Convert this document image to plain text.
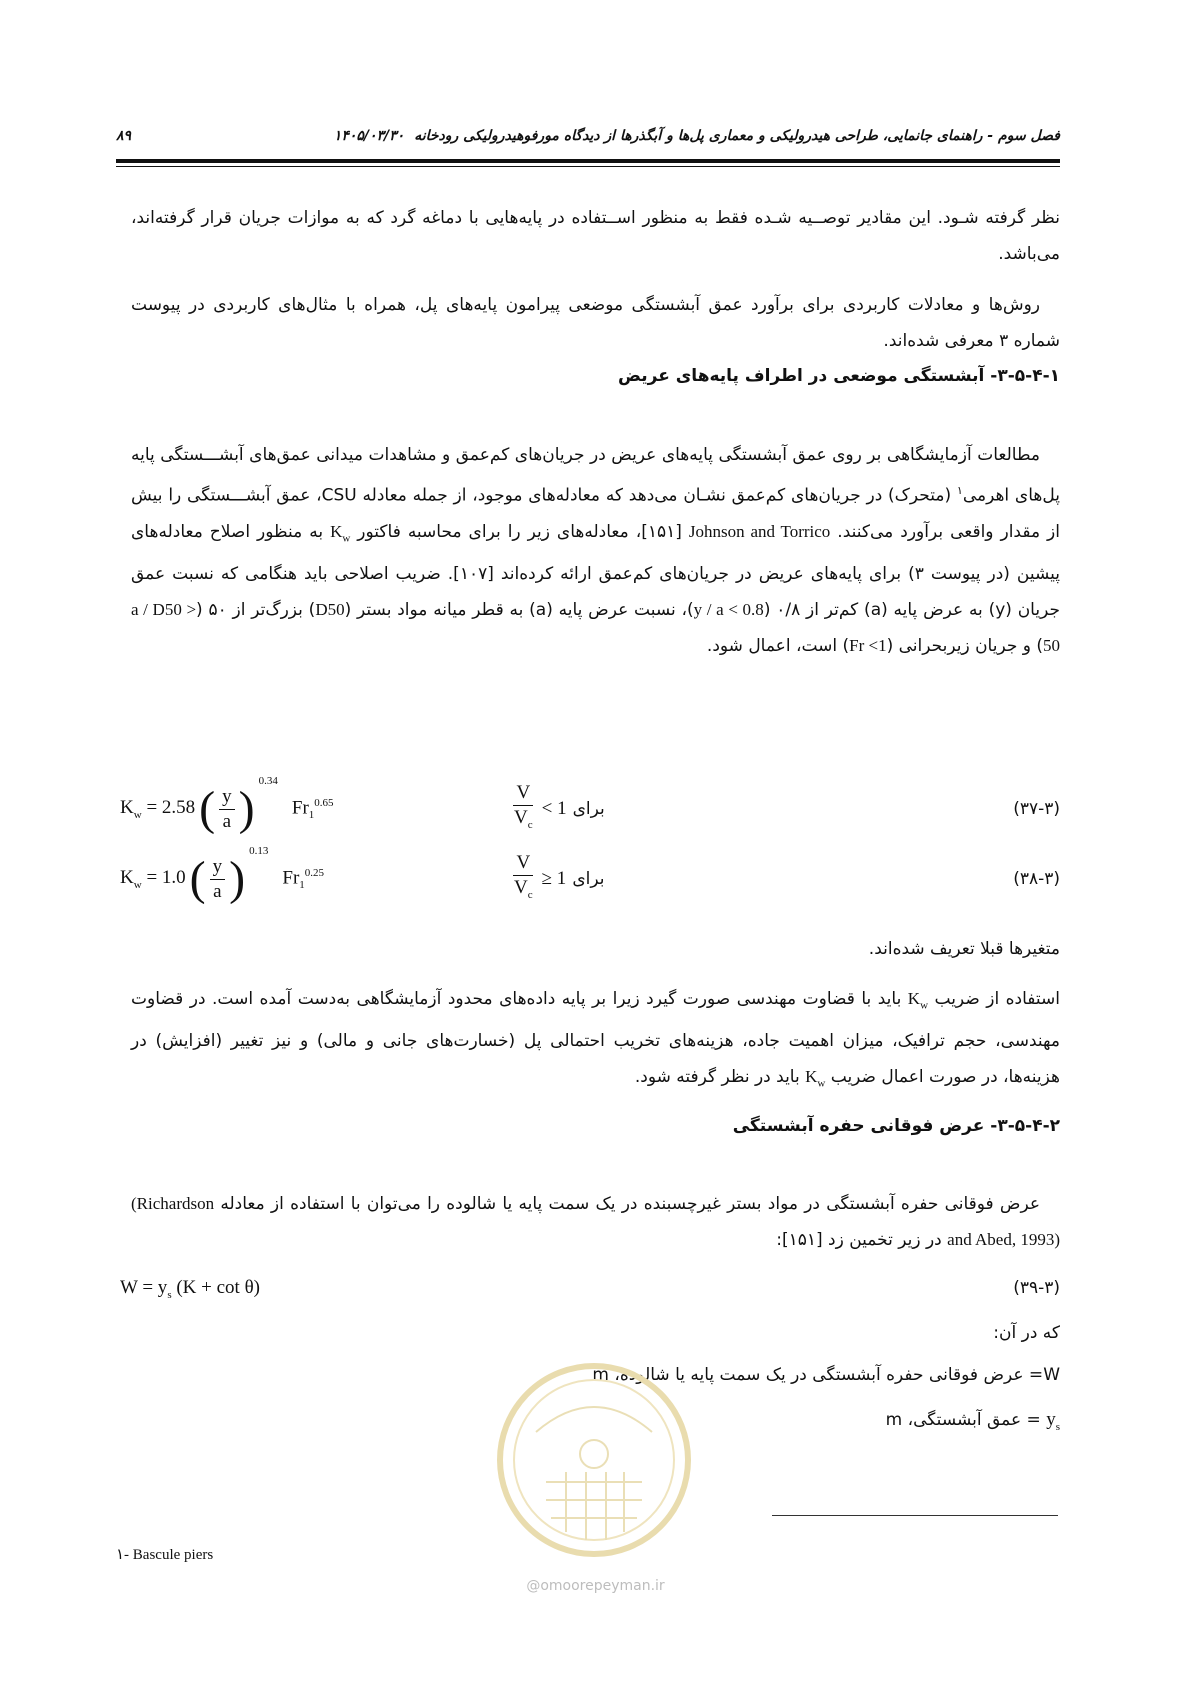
فصل سوم - راهنمای جانمایی، طراحی هیدرولیکی و معماری پل‌ها و آبگذرها از دیدگاه مورفوهیدرولیکی رودخانه۱۴۰۵/۰۳/۳۰
۸۹
نظر گرفته شـود. این مقادیر توصــیه شـده فقط به منظور اســتفاده در پایه‌هایی با دماغه گرد که به موازات جریان قرار گرفته‌اند، می‌باشد.
روش‌ها و معادلات کاربردی برای برآورد عمق آبشستگی موضعی پیرامون پایه‌های پل، همراه با مثال‌های کاربردی در پیوست شماره ۳ معرفی شده‌اند.
۳-۵-۴-۱- آبشستگی موضعی در اطراف پایه‌های عریض
مطالعات آزمایشگاهی بر روی عمق آبشستگی پایه‌های عریض در جریان‌های کم‌عمق و مشاهدات میدانی عمق‌های آبشـــستگی پایه پل‌های اهرمی$^۱$ (متحرک) در جریان‌های کم‌عمق نشـان می‌دهد که معادله‌های موجود، از جمله معادله CSU، عمق آبشـــستگی را بیش از مقدار واقعی برآورد می‌کنند. Johnson and Torrico [۱۵۱]، معادله‌های زیر را برای محاسبه فاکتور $K_w$ به منظور اصلاح معادله‌های پیشین (در پیوست ۳) برای پایه‌های عریض در جریان‌های کم‌عمق ارائه کرده‌اند [۱۰۷]. ضریب اصلاحی باید هنگامی که نسبت عمق جریان (y) به عرض پایه (a) کم‌تر از ۰/۸ (y / a < 0.8)، نسبت عرض پایه (a) به قطر میانه مواد بستر (D50) بزرگ‌تر از ۵۰ (a / D50 > 50) و جریان زیربحرانی (Fr <1) است، اعمال شود.
$K_w = 2.58$ ( $\frac{y}{a}$ )
$^{0.34}$
$Fr_1^{0.65}$	$\frac{V}{V_c} < 1$ برای	(۳۷-۳)
$K_w = 1.0$ ( $\frac{y}{a}$ )
$^{0.13}$
$Fr_1^{0.25}$	$\frac{V}{V_c} \ge 1$ برای	(۳۸-۳)
متغیرها قبلا تعریف شده‌اند.
استفاده از ضریب $K_w$ باید با قضاوت مهندسی صورت گیرد زیرا بر پایه داده‌های محدود آزمایشگاهی به‌دست آمده است. در قضاوت مهندسی، حجم ترافیک، میزان اهمیت جاده، هزینه‌های تخریب احتمالی پل (خسارت‌های جانی و مالی) و نیز تغییر (افزایش) در هزینه‌ها، در صورت اعمال ضریب $K_w$ باید در نظر گرفته شود.
۳-۵-۴-۲- عرض فوقانی حفره آبشستگی
عرض فوقانی حفره آبشستگی در مواد بستر غیرچسبنده در یک سمت پایه یا شالوده را می‌توان با استفاده از معادله (Richardson and Abed, 1993) در زیر تخمین زد [۱۵۱]:
$W = y_s$ (K + cot θ)	(۳۹-۳)
که در آن:
W= عرض فوقانی حفره آبشستگی در یک سمت پایه یا شالوده، m
$y_s$ = عمق آبشستگی، m
@omoorepeyman.ir
۱- Bascule piers
